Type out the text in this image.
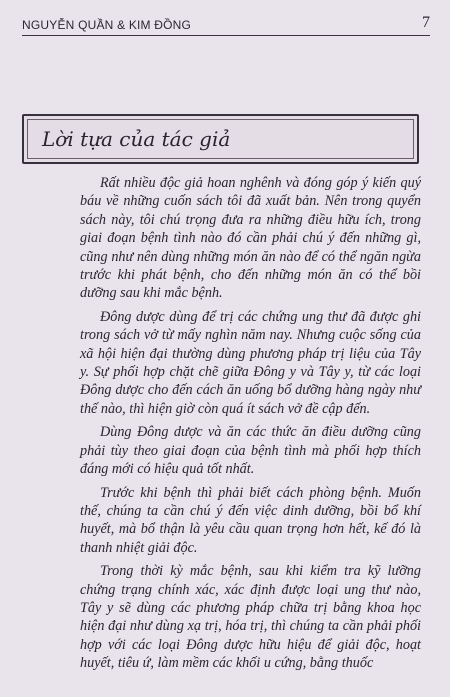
NGUYỄN QUẦN & KIM ĐỒNG	7
Lời tựa của tác giả

Rất nhiều độc giả hoan nghênh và đóng góp ý kiến quý báu về những cuốn sách tôi đã xuất bản. Nên trong quyển sách này, tôi chú trọng đưa ra những điều hữu ích, trong giai đoạn bệnh tình nào đó cần phải chú ý đến những gì, cũng như nên dùng những món ăn nào để có thể ngăn ngừa trước khi phát bệnh, cho đến những món ăn có thể bồi dưỡng sau khi mắc bệnh.

Đông dược dùng để trị các chứng ung thư đã được ghi trong sách vở từ mấy nghìn năm nay. Nhưng cuộc sống của xã hội hiện đại thường dùng phương pháp trị liệu của Tây y. Sự phối hợp chặt chẽ giữa Đông y và Tây y, từ các loại Đông dược cho đến cách ăn uống bổ dưỡng hàng ngày như thế nào, thì hiện giờ còn quá ít sách vở đề cập đến.

Dùng Đông dược và ăn các thức ăn điều dưỡng cũng phải tùy theo giai đoạn của bệnh tình mà phối hợp thích đáng mới có hiệu quả tốt nhất.

Trước khi bệnh thì phải biết cách phòng bệnh. Muốn thế, chúng ta cần chú ý đến việc dinh dưỡng, bồi bổ khí huyết, mà bổ thận là yêu cầu quan trọng hơn hết, kế đó là thanh nhiệt giải độc.

Trong thời kỳ mắc bệnh, sau khi kiểm tra kỹ lưỡng chứng trạng chính xác, xác định được loại ung thư nào, Tây y sẽ dùng các phương pháp chữa trị bằng khoa học hiện đại như dùng xạ trị, hóa trị, thì chúng ta cần phải phối hợp với các loại Đông dược hữu hiệu để giải độc, hoạt huyết, tiêu ứ, làm mềm các khối u cứng, bằng thuốc
